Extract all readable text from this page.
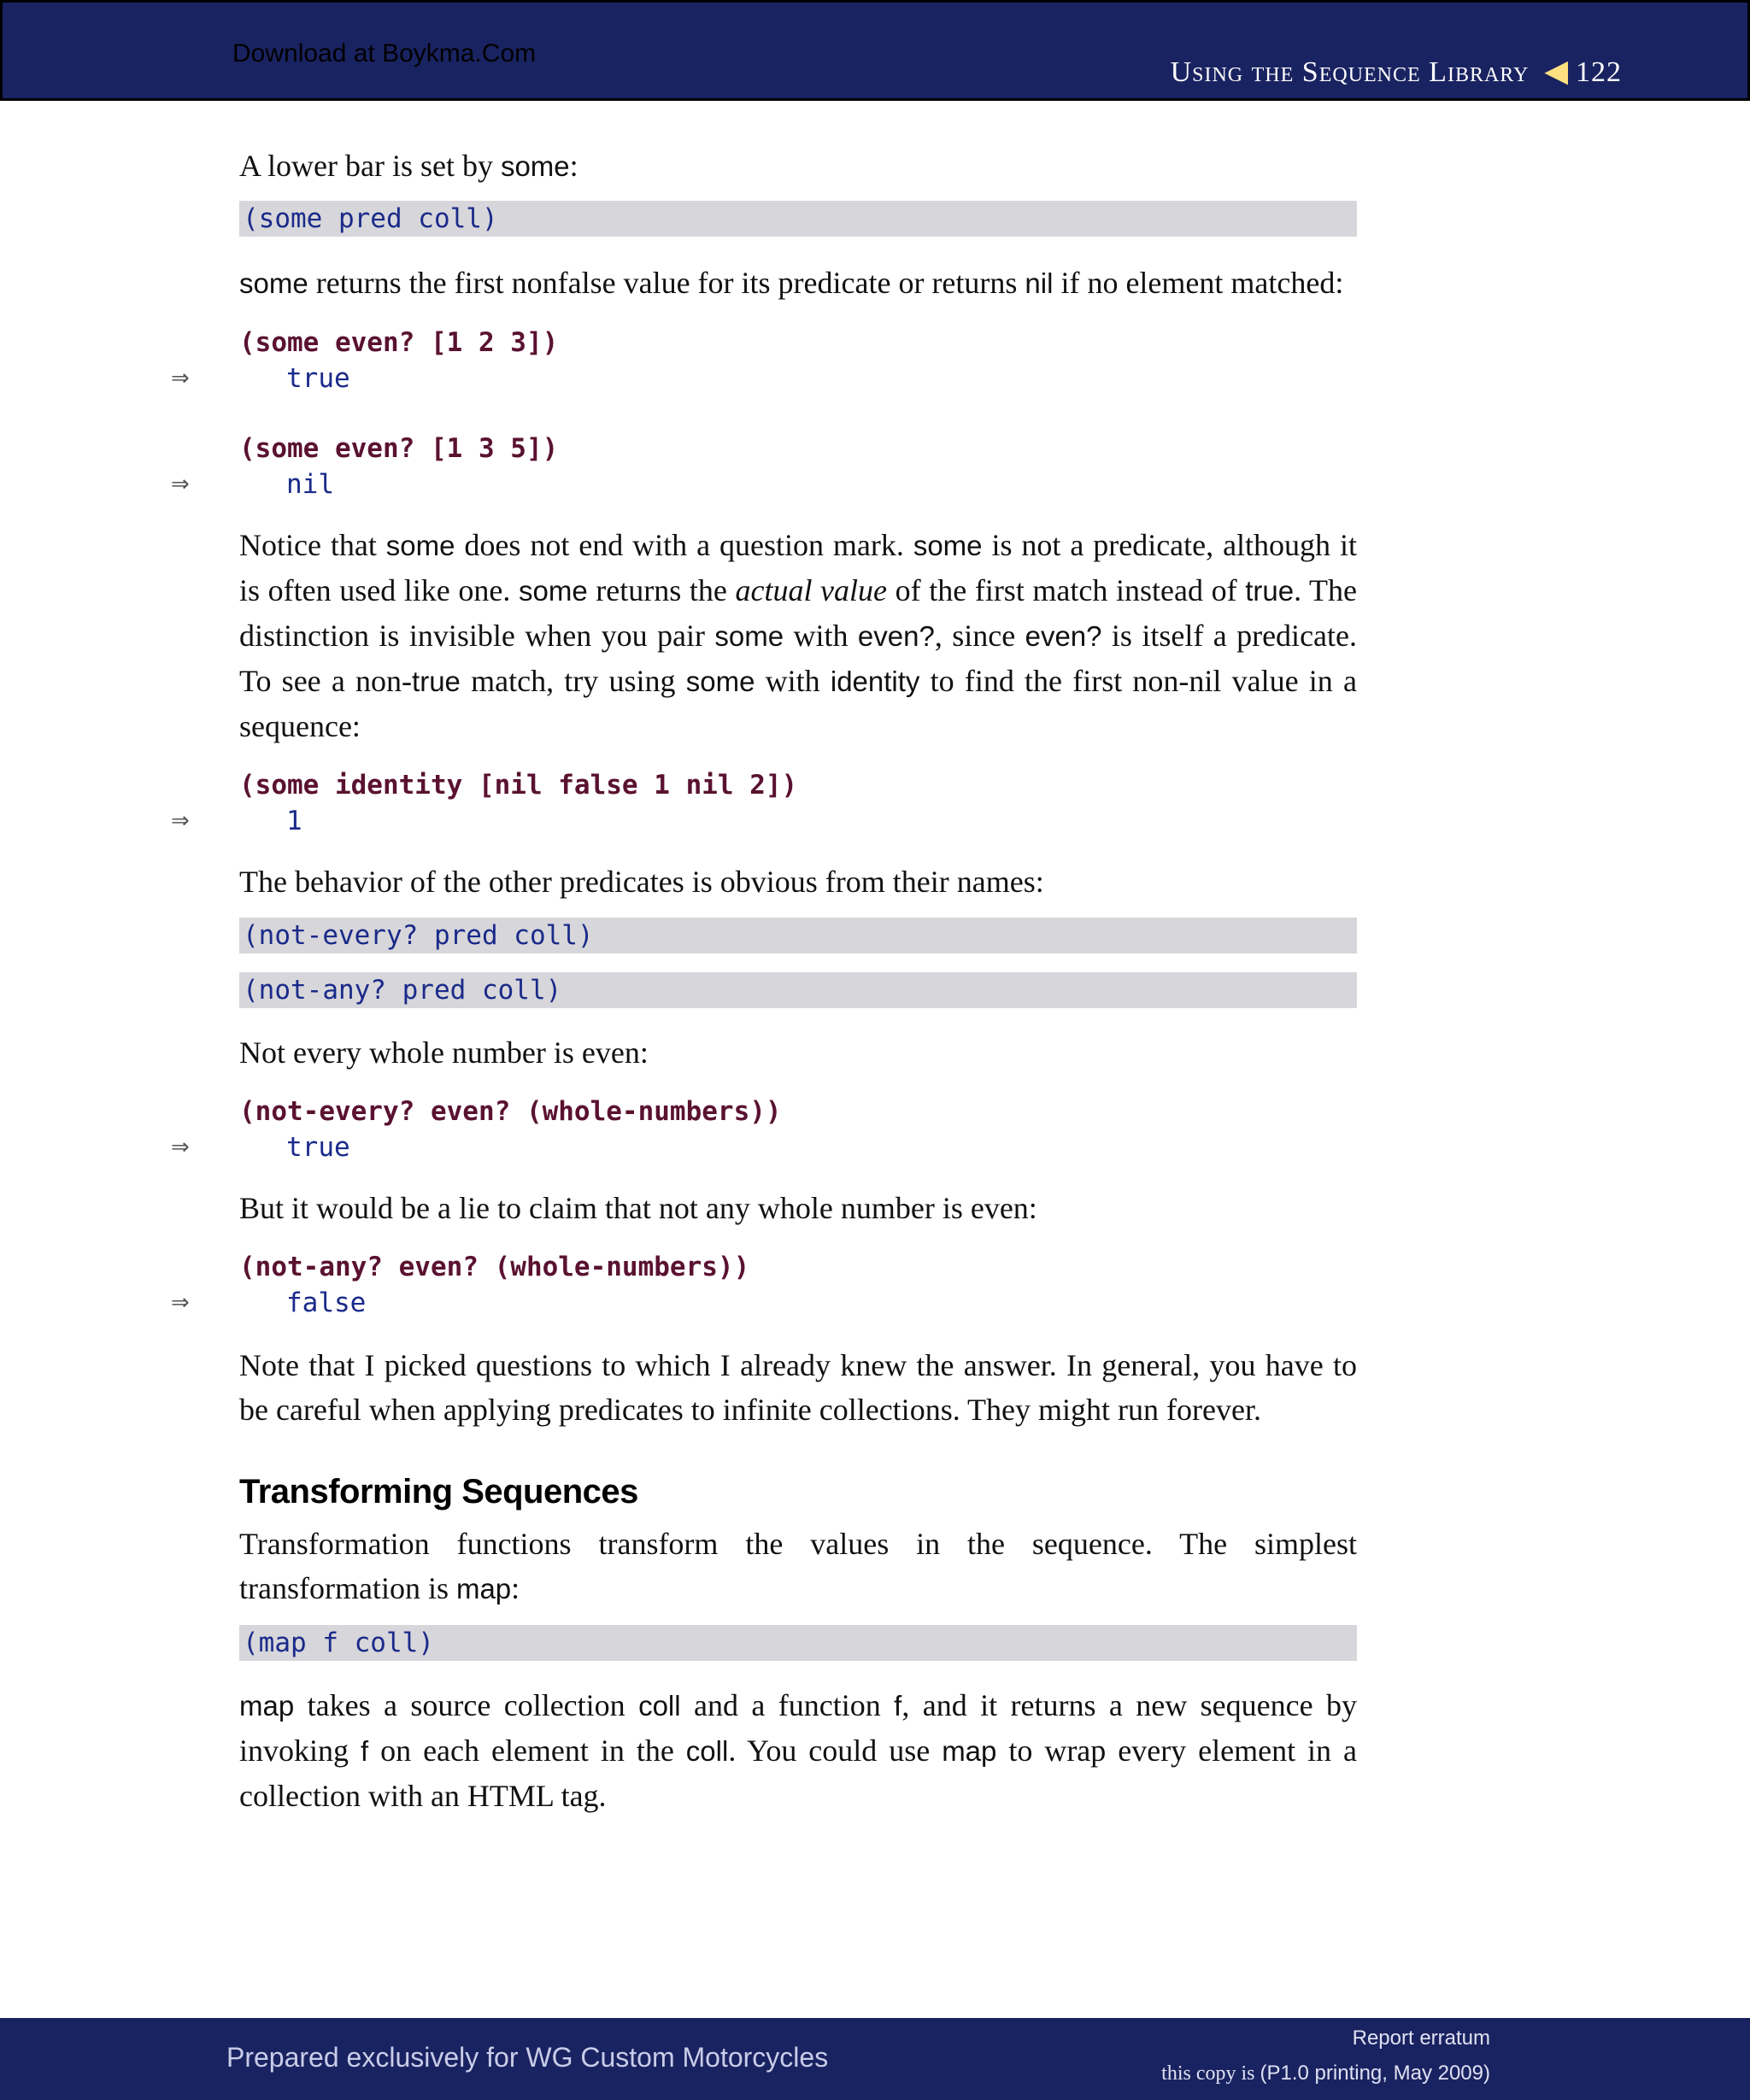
Download at Boykma.Com
Using the Sequence Library ◀ 122

A lower bar is set by some:

(some pred coll)

some returns the first nonfalse value for its predicate or returns nil if no element matched:

(some even? [1 2 3])
⇒	true
(some even? [1 3 5])
⇒	nil

Notice that some does not end with a question mark. some is not a predicate, although it is often used like one. some returns the actual value of the first match instead of true. The distinction is invisible when you pair some with even?, since even? is itself a predicate. To see a non-true match, try using some with identity to find the first non-nil value in a sequence:

(some identity [nil false 1 nil 2])
⇒	1

The behavior of the other predicates is obvious from their names:

(not-every? pred coll)
(not-any? pred coll)

Not every whole number is even:

(not-every? even? (whole-numbers))
⇒	true

But it would be a lie to claim that not any whole number is even:

(not-any? even? (whole-numbers))
⇒	false

Note that I picked questions to which I already knew the answer. In general, you have to be careful when applying predicates to infinite collections. They might run forever.

Transforming Sequences

Transformation functions transform the values in the sequence. The simplest transformation is map:

(map f coll)

map takes a source collection coll and a function f, and it returns a new sequence by invoking f on each element in the coll. You could use map to wrap every element in a collection with an HTML tag.

Prepared exclusively for WG Custom Motorcycles
Report erratum
this copy is (P1.0 printing, May 2009)
